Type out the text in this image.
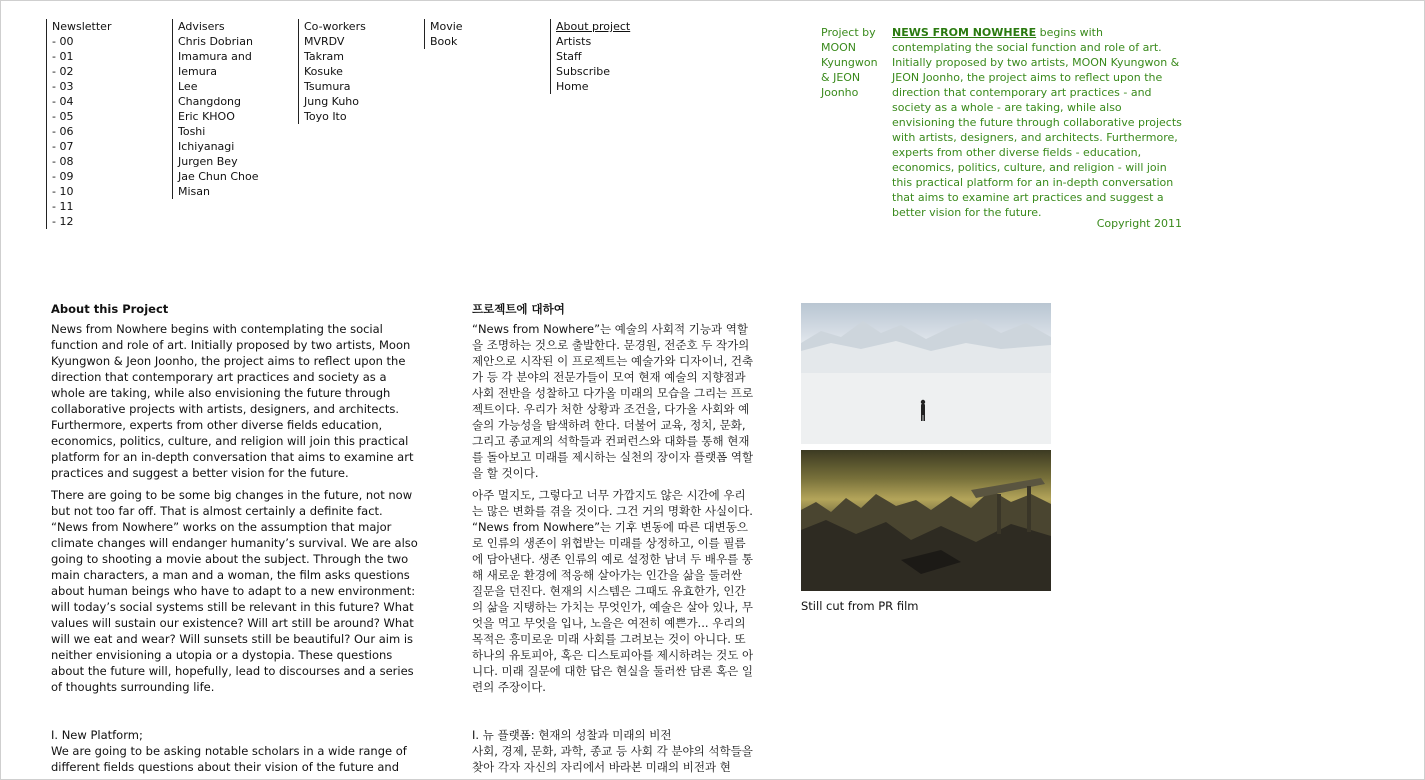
Newsletter
- 00
- 01
- 02
- 03
- 04
- 05
- 06
- 07
- 08
- 09
- 10
- 11
- 12
Advisers
Chris Dobrian
Imamura and
Iemura
Lee
Changdong
Eric KHOO
Toshi
Ichiyanagi
Jurgen Bey
Jae Chun Choe
Misan
Co-workers
MVRDV
Takram
Kosuke
Tsumura
Jung Kuho
Toyo Ito
Movie
Book
About project
Artists
Staff
Subscribe
Home
Project by
MOON
Kyungwon
& JEON
Joonho
NEWS FROM NOWHERE begins with contemplating the social function and role of art. Initially proposed by two artists, MOON Kyungwon & JEON Joonho, the project aims to reflect upon the direction that contemporary art practices - and society as a whole - are taking, while also envisioning the future through collaborative projects with artists, designers, and architects. Furthermore, experts from other diverse fields - education, economics, politics, culture, and religion - will join this practical platform for an in-depth conversation that aims to examine art practices and suggest a better vision for the future.
Copyright 2011
About this Project

News from Nowhere begins with contemplating the social function and role of art. Initially proposed by two artists, Moon Kyungwon & Jeon Joonho, the project aims to reflect upon the direction that contemporary art practices and society as a whole are taking, while also envisioning the future through collaborative projects with artists, designers, and architects. Furthermore, experts from other diverse fields education, economics, politics, culture, and religion will join this practical platform for an in-depth conversation that aims to examine art practices and suggest a better vision for the future.

There are going to be some big changes in the future, not now but not too far off. That is almost certainly a definite fact. “News from Nowhere” works on the assumption that major climate changes will endanger humanity’s survival. We are also going to shooting a movie about the subject. Through the two main characters, a man and a woman, the film asks questions about human beings who have to adapt to a new environment: will today’s social systems still be relevant in this future? What values will sustain our existence? Will art still be around? What will we eat and wear? Will sunsets still be beautiful? Our aim is neither envisioning a utopia or a dystopia. These questions about the future will, hopefully, lead to discourses and a series of thoughts surrounding life.

I. New Platform;
We are going to be asking notable scholars in a wide range of different fields questions about their vision of the future and
프로젝트에 대하여

“News from Nowhere”는 예술의 사회적 기능과 역할을 조명하는 것으로 출발한다. 문경원, 전준호 두 작가의 제안으로 시작된 이 프로젝트는 예술가와 디자이너, 건축가 등 각 분야의 전문가들이 모여 현재 예술의 지향점과 사회 전반을 성찰하고 다가올 미래의 모습을 그리는 프로젝트이다. 우리가 처한 상황과 조건을, 다가올 사회와 예술의 가능성을 탐색하려 한다. 더불어 교육, 정치, 문화, 그리고 종교계의 석학들과 컨퍼런스와 대화를 통해 현재를 돌아보고 미래를 제시하는 실천의 장이자 플랫폼 역할을 할 것이다.

아주 멀지도, 그렇다고 너무 가깝지도 않은 시간에 우리는 많은 변화를 겪을 것이다. 그건 거의 명확한 사실이다. “News from Nowhere”는 기후 변동에 따른 대변동으로 인류의 생존이 위협받는 미래를 상정하고, 이를 필름에 담아낸다. 생존 인류의 예로 설정한 남녀 두 배우를 통해 새로운 환경에 적응해 살아가는 인간을 삶을 둘러싼 질문을 던진다. 현재의 시스템은 그때도 유효한가, 인간의 삶을 지탱하는 가치는 무엇인가, 예술은 살아 있나, 무엇을 먹고 무엇을 입나, 노을은 여전히 예쁜가... 우리의 목적은 흥미로운 미래 사회를 그려보는 것이 아니다. 또 하나의 유토피아, 혹은 디스토피아를 제시하려는 것도 아니다. 미래 질문에 대한 답은 현실을 둘러싼 담론 혹은 일련의 주장이다.

I. 뉴 플랫폼: 현재의 성찰과 미래의 비전
사회, 경제, 문화, 과학, 종교 등 사회 각 분야의 석학들을 찾아 각자 자신의 자리에서 바라본 미래의 비전과 현
Still cut from PR film
